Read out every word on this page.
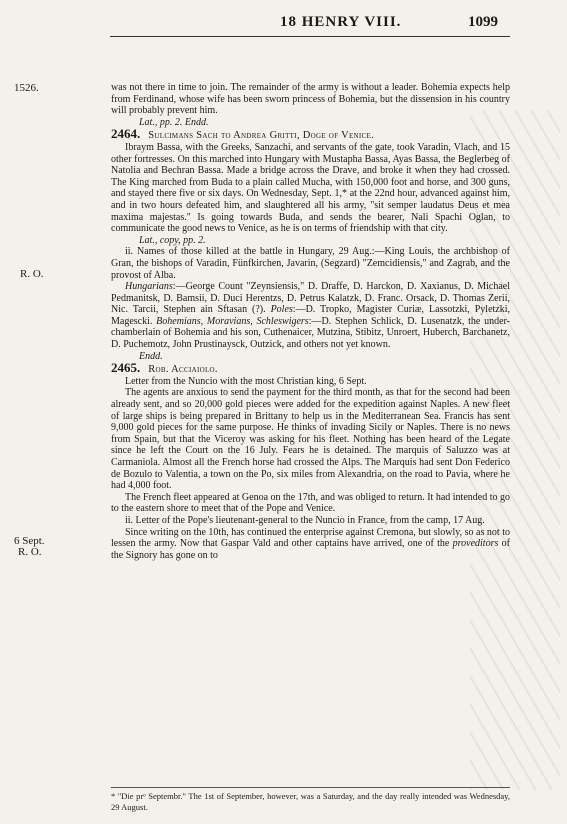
18 HENRY VIII.	1099
1526.
R. O.
6 Sept.
R. O.

was not there in time to join. The remainder of the army is without a leader. Bohemia expects help from Ferdinand, whose wife has been sworn princess of Bohemia, but the dissension in his country will probably prevent him.

Lat., pp. 2. Endd.

2464. Sulcimans Sach to Andrea Gritti, Doge of Venice.

Ibraym Bassa, with the Greeks, Sanzachi, and servants of the gate, took Varadin, Vlach, and 15 other fortresses. On this marched into Hungary with Mustapha Bassa, Ayas Bassa, the Beglerbeg of Natolia and Bechran Bassa. Made a bridge across the Drave, and broke it when they had crossed. The King marched from Buda to a plain called Mucha, with 150,000 foot and horse, and 300 guns, and stayed there five or six days. On Wednesday, Sept. 1,* at the 22nd hour, advanced against him, and in two hours defeated him, and slaughtered all his army, "sit semper laudatus Deus et mea maxima majestas." Is going towards Buda, and sends the bearer, Nali Spachi Oglan, to communicate the good news to Venice, as he is on terms of friendship with that city.

Lat., copy, pp. 2.

ii. Names of those killed at the battle in Hungary, 29 Aug.:—King Louis, the archbishop of Gran, the bishops of Varadin, Fünfkirchen, Javarin, (Segzard) "Zemcidiensis," and Zagrab, and the provost of Alba.

Hungarians:—George Count "Zeynsiensis," D. Draffe, D. Harckon, D. Xaxianus, D. Michael Pedmanitsk, D. Bamsii, D. Duci Herentzs, D. Petrus Kalatzk, D. Franc. Orsack, D. Thomas Zerii, Nic. Tarcii, Stephen ain Sftasan (?). Poles:—D. Tropko, Magister Curiæ, Lassotzki, Pyletzki, Magescki. Bohemians, Moravians, Schleswigers:—D. Stephen Schlick, D. Lusenatzk, the under-chamberlain of Bohemia and his son, Cuthenaicer, Mutzina, Stibitz, Unroert, Huberch, Barchanetz, D. Puchemotz, John Prustinaysck, Outzick, and others not yet known.

Endd.

2465. Rob. Acciaiolo.

Letter from the Nuncio with the most Christian king, 6 Sept.

The agents are anxious to send the payment for the third month, as that for the second had been already sent, and so 20,000 gold pieces were added for the expedition against Naples. A new fleet of large ships is being prepared in Brittany to help us in the Mediterranean Sea. Francis has sent 9,000 gold pieces for the same purpose. He thinks of invading Sicily or Naples. There is no news from Spain, but that the Viceroy was asking for his fleet. Nothing has been heard of the Legate since he left the Court on the 16 July. Fears he is detained. The marquis of Saluzzo was at Carmaniola. Almost all the French horse had crossed the Alps. The Marquis had sent Don Federico de Bozulo to Valentia, a town on the Po, six miles from Alexandria, on the road to Pavia, where he had 4,000 foot.

The French fleet appeared at Genoa on the 17th, and was obliged to return. It had intended to go to the eastern shore to meet that of the Pope and Venice.

ii. Letter of the Pope's lieutenant-general to the Nuncio in France, from the camp, 17 Aug.

Since writing on the 10th, has continued the enterprise against Cremona, but slowly, so as not to lessen the army. Now that Gaspar Vald and other captains have arrived, one of the proveditors of the Signory has gone on to

* "Die prᵒ Septembr." The 1st of September, however, was a Saturday, and the day really intended was Wednesday, 29 August.
